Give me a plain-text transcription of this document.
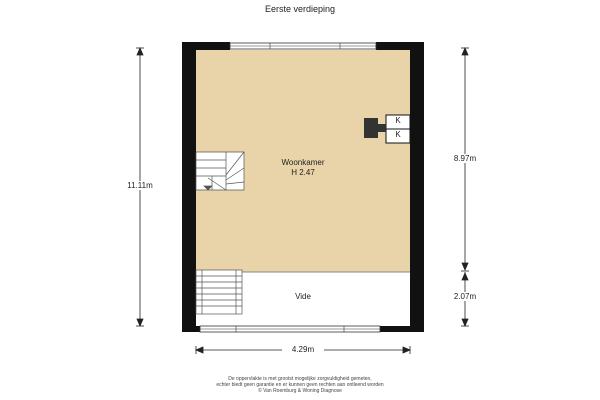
Eerste verdieping
Woonkamer
H 2.47
Vide
K
K
11.11m
8.97m
2.07m
4.29m
De oppervlakte is met grootst mogelijke zorgvuldigheid gemeten,
echter biedt geen garantie en er kunnen geen rechten aan ontleend worden
© Van Roemburg & Woning Diagnose
